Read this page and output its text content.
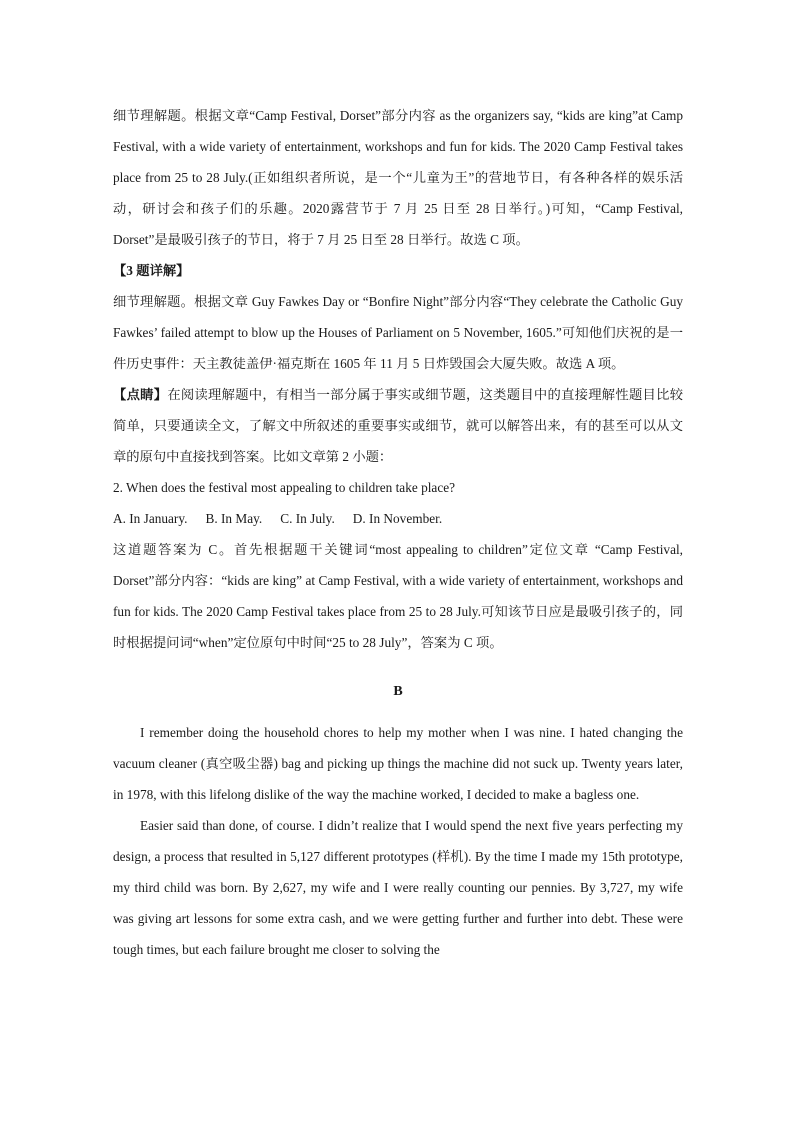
细节理解题。根据文章“Camp Festival, Dorset”部分内容 as the organizers say, “kids are king”at Camp Festival, with a wide variety of entertainment, workshops and fun for kids. The 2020 Camp Festival takes place from 25 to 28 July.(正如组织者所说，是一个“儿童为王”的营地节日，有各种各样的娱乐活动，研讨会和孩子们的乐趣。2020露营节于 7 月 25 日至 28 日举行。)可知，“Camp Festival, Dorset”是最吸引孩子的节日，将于 7 月 25 日至 28 日举行。故选 C 项。

【3 题详解】

细节理解题。根据文章 Guy Fawkes Day or “Bonfire Night”部分内容“They celebrate the Catholic Guy Fawkes’ failed attempt to blow up the Houses of Parliament on 5 November, 1605.”可知他们庆祝的是一件历史事件：天主教徒盖伊·福克斯在 1605 年 11 月 5 日炸毁国会大厦失败。故选 A 项。

【点睛】在阅读理解题中，有相当一部分属于事实或细节题，这类题目中的直接理解性题目比较简单，只要通读全文，了解文中所叙述的重要事实或细节，就可以解答出来，有的甚至可以从文章的原句中直接找到答案。比如文章第 2 小题：

2. When does the festival most appealing to children take place?

A. In January. B. In May. C. In July. D. In November.

这道题答案为 C。首先根据题干关键词“most appealing to children”定位文章 “Camp Festival, Dorset”部分内容：“kids are king” at Camp Festival, with a wide variety of entertainment, workshops and fun for kids. The 2020 Camp Festival takes place from 25 to 28 July.可知该节日应是最吸引孩子的，同时根据提问词“when”定位原句中时间“25 to 28 July”，答案为 C 项。

B

I remember doing the household chores to help my mother when I was nine. I hated changing the vacuum cleaner (真空吸尘器) bag and picking up things the machine did not suck up. Twenty years later, in 1978, with this lifelong dislike of the way the machine worked, I decided to make a bagless one.

Easier said than done, of course. I didn’t realize that I would spend the next five years perfecting my design, a process that resulted in 5,127 different prototypes (样机). By the time I made my 15th prototype, my third child was born. By 2,627, my wife and I were really counting our pennies. By 3,727, my wife was giving art lessons for some extra cash, and we were getting further and further into debt. These were tough times, but each failure brought me closer to solving the
